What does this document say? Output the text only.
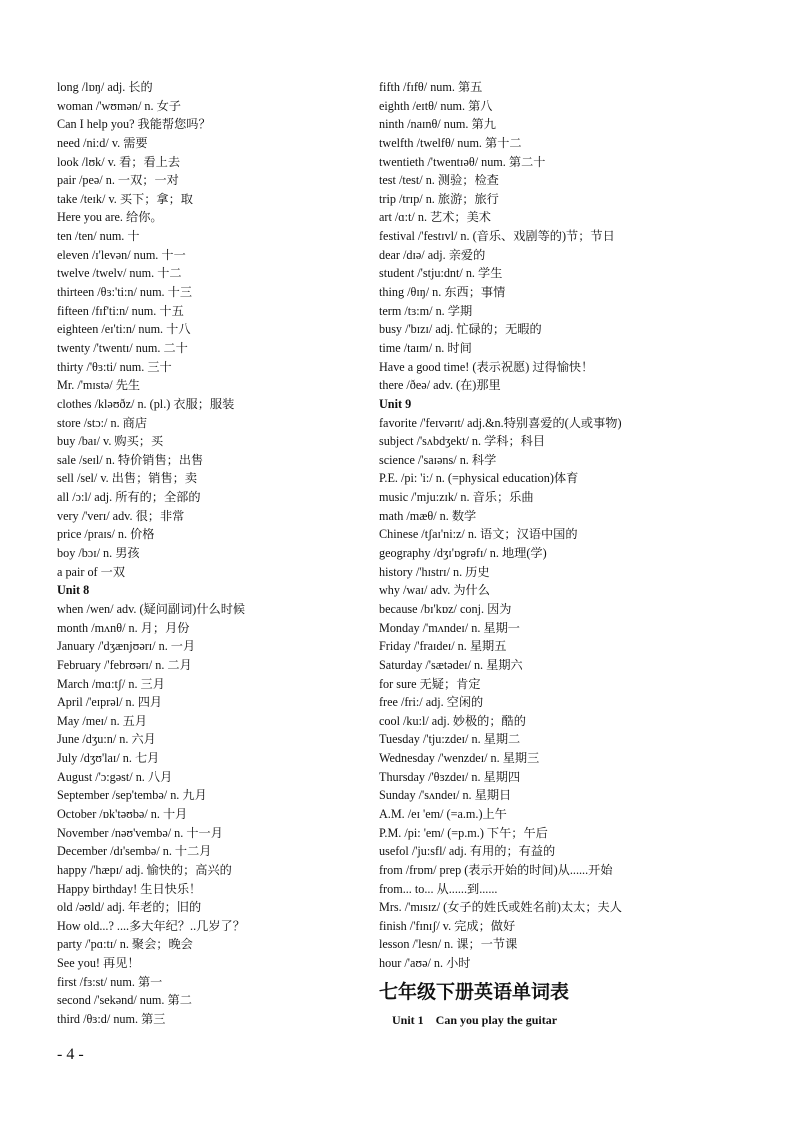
long /lɒŋ/ adj. 长的
woman /'wʊmən/ n. 女子
Can I help you? 我能帮您吗？
need /ni:d/ v. 需要
look /lʊk/ v. 看；看上去
pair /peə/ n. 一双；一对
take /teɪk/ v. 买下；拿；取
Here you are. 给你。
ten /ten/ num. 十
eleven /ɪ'levən/ num. 十一
twelve /twelv/ num. 十二
thirteen /θɜ:'ti:n/ num. 十三
fifteen /fɪf'ti:n/ num. 十五
eighteen /eɪ'ti:n/ num. 十八
twenty /'twentɪ/ num. 二十
thirty /'θɜ:ti/ num. 三十
Mr. /'mɪstə/ 先生
clothes /kləʊðz/ n. (pl.) 衣服；服装
store /stɔ:/ n. 商店
buy /baɪ/ v. 购买；买
sale /seɪl/ n. 特价销售；出售
sell /sel/ v. 出售；销售；卖
all /ɔ:l/ adj. 所有的；全部的
very /'verɪ/ adv. 很；非常
price /praɪs/ n. 价格
boy /bɔɪ/ n. 男孩
a pair of 一双
Unit 8
when /wen/ adv. (疑问副词)什么时候
month /mʌnθ/ n. 月；月份
January /'dʒænjʊərɪ/ n. 一月
February /'febrʊərɪ/ n. 二月
March /mɑ:tʃ/ n. 三月
April /'eɪprəl/ n. 四月
May /meɪ/ n. 五月
June /dʒu:n/ n. 六月
July /dʒʊ'laɪ/ n. 七月
August /'ɔ:gəst/ n. 八月
September /sep'tembə/ n. 九月
October /ɒk'təʊbə/ n. 十月
November /nəʊ'vembə/ n. 十一月
December /dɪ'sembə/ n. 十二月
happy /'hæpɪ/ adj. 愉快的；高兴的
Happy birthday! 生日快乐！
old /əʊld/ adj. 年老的；旧的
How old...? ....多大年纪？..几岁了？
party /'pɑ:tɪ/ n. 聚会；晚会
See you! 再见！
first /fɜ:st/ num. 第一
second /'sekənd/ num. 第二
third /θɜ:d/ num. 第三
fifth /fɪfθ/ num. 第五
eighth /eɪtθ/ num. 第八
ninth /naɪnθ/ num. 第九
twelfth /twelfθ/ num. 第十二
twentieth /'twentɪəθ/ num. 第二十
test /test/ n. 测验；检查
trip /trɪp/ n. 旅游；旅行
art /ɑ:t/ n. 艺术；美术
festival /'festɪvl/ n. (音乐、戏剧等的)节；节日
dear /dɪə/ adj. 亲爱的
student /'stju:dnt/ n. 学生
thing /θɪŋ/ n. 东西；事情
term /tɜ:m/ n. 学期
busy /'bɪzɪ/ adj. 忙碌的；无暇的
time /taɪm/ n. 时间
Have a good time! (表示祝愿) 过得愉快！
there /ðeə/ adv. (在)那里
Unit 9
favorite /'feɪvərɪt/ adj.&n.特别喜爱的(人或事物)
subject /'sʌbdʒekt/ n. 学科；科目
science /'saɪəns/ n. 科学
P.E. /pi: 'i:/ n. (=physical education)体育
music /'mju:zɪk/ n. 音乐；乐曲
math /mæθ/ n. 数学
Chinese /tʃaɪ'ni:z/ n. 语文；汉语中国的
geography /dʒɪ'ɒgrəfɪ/ n. 地理(学)
history /'hɪstrɪ/ n. 历史
why /waɪ/ adv. 为什么
because /bɪ'kɒz/ conj. 因为
Monday /'mʌndeɪ/ n. 星期一
Friday /'fraɪdeɪ/ n. 星期五
Saturday /'sætədeɪ/ n. 星期六
for sure 无疑；肯定
free /fri:/ adj. 空闲的
cool /ku:l/ adj. 妙极的；酷的
Tuesday /'tju:zdeɪ/ n. 星期二
Wednesday /'wenzdeɪ/ n. 星期三
Thursday /'θɜzdeɪ/ n. 星期四
Sunday /'sʌndeɪ/ n. 星期日
A.M. /eɪ 'em/ (=a.m.)上午
P.M. /pi: 'em/ (=p.m.) 下午；午后
usefol /'ju:sfl/ adj. 有用的；有益的
from /frɒm/ prep (表示开始的时间)从......开始
from... to... 从......到......
Mrs. /'mɪsɪz/ (女子的姓氏或姓名前)太太；夫人
finish /'fɪnɪʃ/ v. 完成；做好
lesson /'lesn/ n. 课；一节课
hour /'aʊə/ n. 小时
七年级下册英语单词表
Unit 1    Can you play the guitar
- 4 -
